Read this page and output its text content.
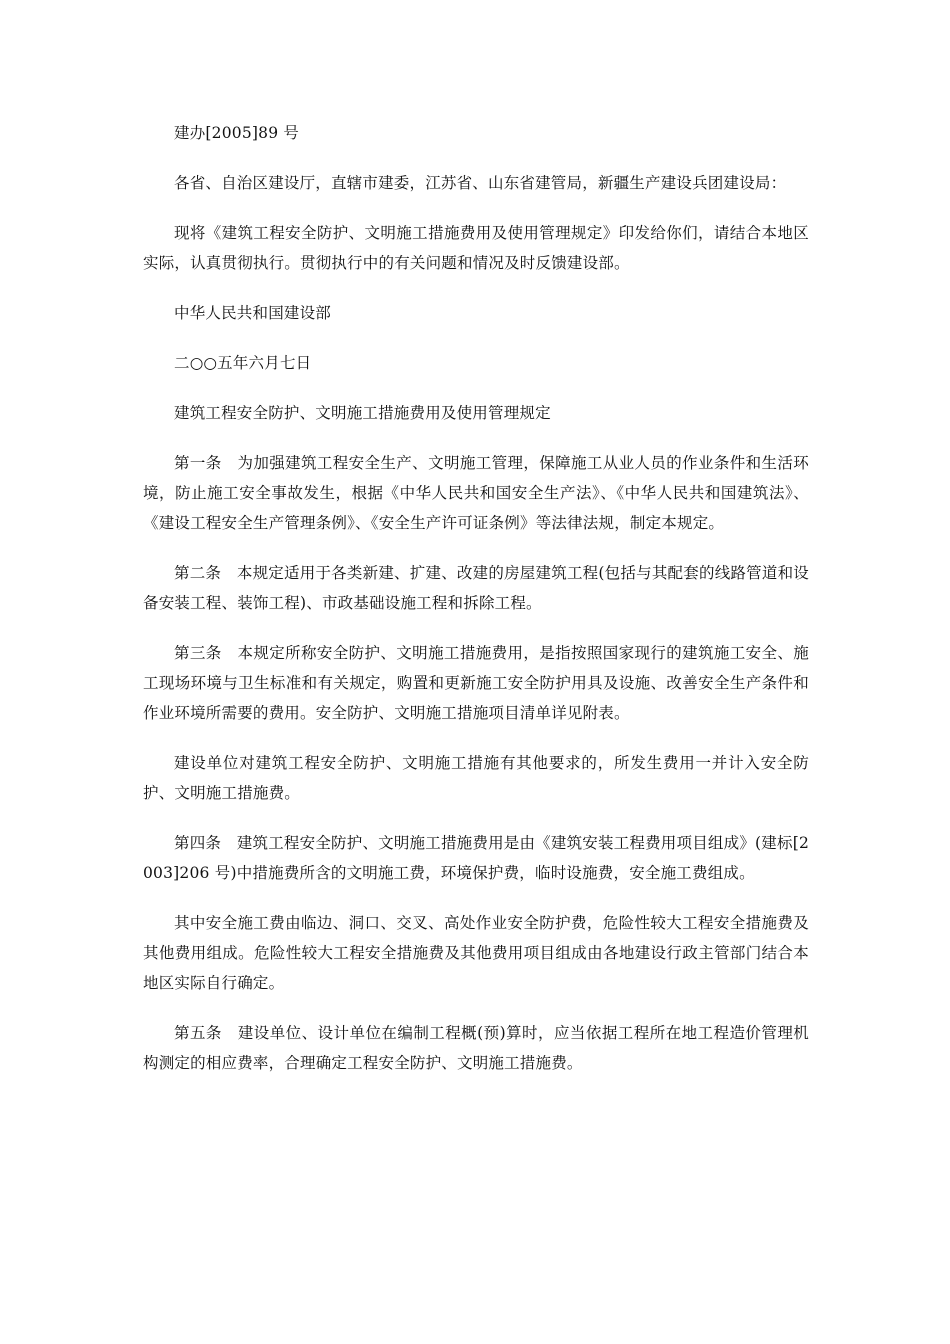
建办[2005]89 号

各省、自治区建设厅，直辖市建委，江苏省、山东省建管局，新疆生产建设兵团建设局：

现将《建筑工程安全防护、文明施工措施费用及使用管理规定》印发给你们，请结合本地区实际，认真贯彻执行。贯彻执行中的有关问题和情况及时反馈建设部。

中华人民共和国建设部

二○○五年六月七日

建筑工程安全防护、文明施工措施费用及使用管理规定

第一条　为加强建筑工程安全生产、文明施工管理，保障施工从业人员的作业条件和生活环境，防止施工安全事故发生，根据《中华人民共和国安全生产法》、《中华人民共和国建筑法》、《建设工程安全生产管理条例》、《安全生产许可证条例》等法律法规，制定本规定。

第二条　本规定适用于各类新建、扩建、改建的房屋建筑工程(包括与其配套的线路管道和设备安装工程、装饰工程)、市政基础设施工程和拆除工程。

第三条　本规定所称安全防护、文明施工措施费用，是指按照国家现行的建筑施工安全、施工现场环境与卫生标准和有关规定，购置和更新施工安全防护用具及设施、改善安全生产条件和作业环境所需要的费用。安全防护、文明施工措施项目清单详见附表。

建设单位对建筑工程安全防护、文明施工措施有其他要求的，所发生费用一并计入安全防护、文明施工措施费。

第四条　建筑工程安全防护、文明施工措施费用是由《建筑安装工程费用项目组成》(建标[2003]206 号)中措施费所含的文明施工费，环境保护费，临时设施费，安全施工费组成。

其中安全施工费由临边、洞口、交叉、高处作业安全防护费，危险性较大工程安全措施费及其他费用组成。危险性较大工程安全措施费及其他费用项目组成由各地建设行政主管部门结合本地区实际自行确定。

第五条　建设单位、设计单位在编制工程概(预)算时，应当依据工程所在地工程造价管理机构测定的相应费率，合理确定工程安全防护、文明施工措施费。
